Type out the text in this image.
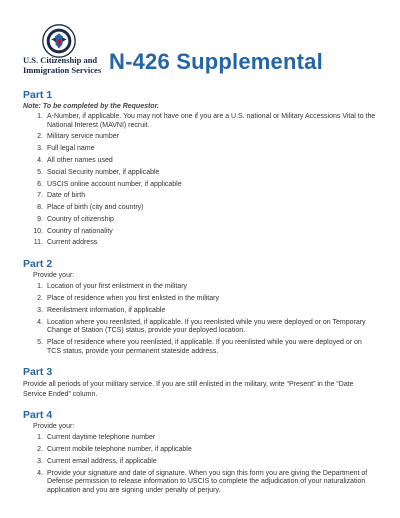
U.S. Citizenship and
Immigration Services N-426 Supplemental
Part 1
Note: To be completed by the Requestor.
1. A-Number, if applicable. You may not have one if you are a U.S. national or Military Accessions Vital to the National Interest (MAVNI) recruit.
2. Military service number
3. Full legal name
4. All other names used
5. Social Security number, if applicable
6. USCIS online account number, if applicable
7. Date of birth
8. Place of birth (city and country)
9. Country of citizenship
10. Country of nationality
11. Current address
Part 2
Provide your:
1. Location of your first enlistment in the military
2. Place of residence when you first enlisted in the military
3. Reenlistment information, if applicable
4. Location where you reenlisted, if applicable. If you reenlisted while you were deployed or on Temporary Change of Station (TCS) status, provide your deployed location.
5. Place of residence where you reenlisted, if applicable. If you reenlisted while you were deployed or on TCS status, provide your permanent stateside address.
Part 3
Provide all periods of your military service. If you are still enlisted in the military, write “Present” in the “Date Service Ended” column.
Part 4
Provide your:
1. Current daytime telephone number
2. Current mobile telephone number, if applicable
3. Current email address, if applicable
4. Provide your signature and date of signature. When you sign this form you are giving the Department of Defense permission to release information to USCIS to complete the adjudication of your naturalization application and you are signing under penalty of perjury.
